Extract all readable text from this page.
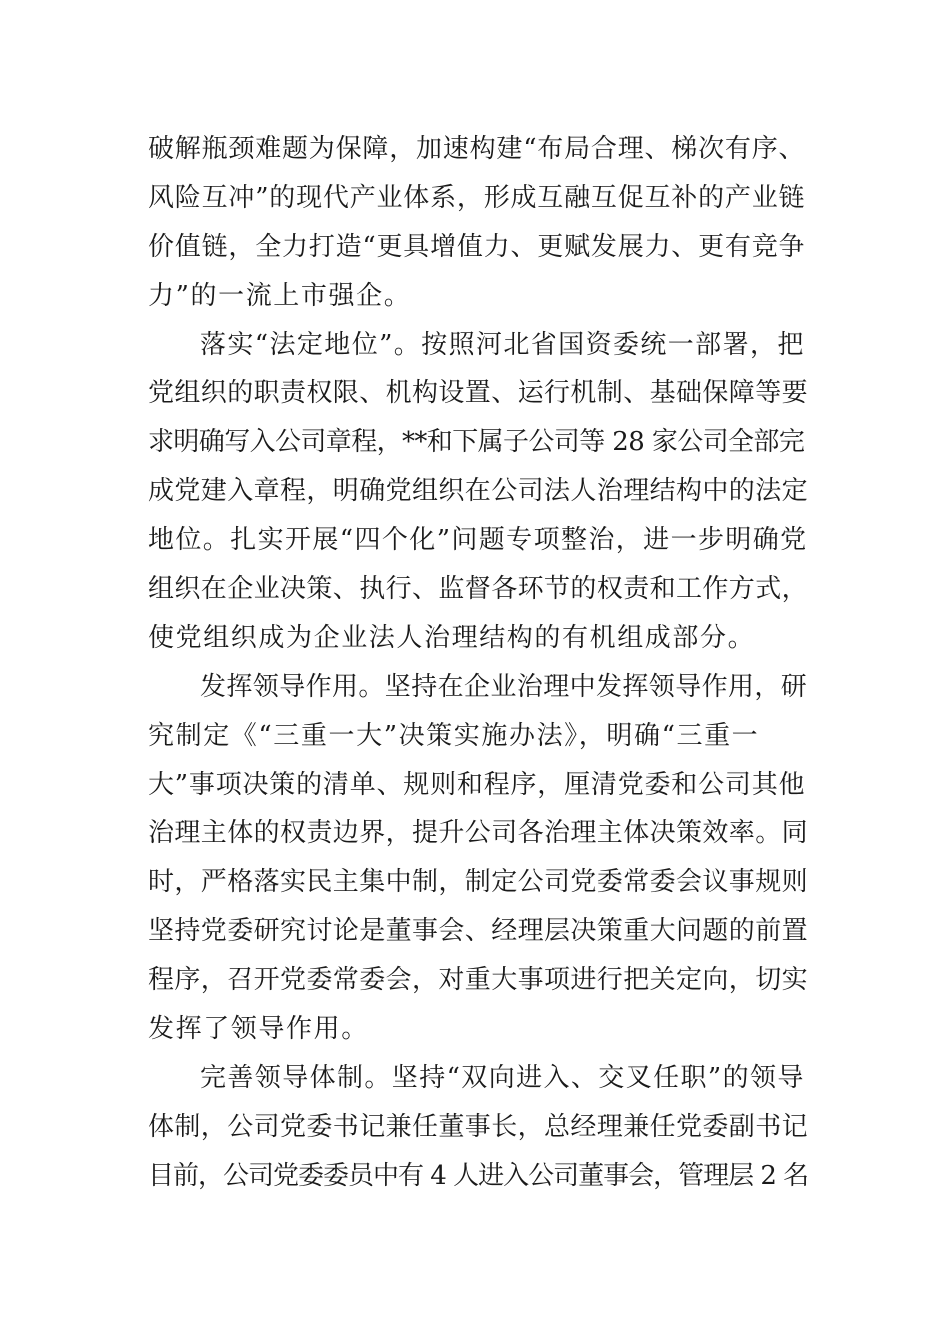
破解瓶颈难题为保障，加速构建“布局合理、梯次有序、
风险互冲”的现代产业体系，形成互融互促互补的产业链
价值链，全力打造“更具增值力、更赋发展力、更有竞争
力”的一流上市强企。
落实“法定地位”。按照河北省国资委统一部署，把
党组织的职责权限、机构设置、运行机制、基础保障等要
求明确写入公司章程，**和下属子公司等 28 家公司全部完
成党建入章程，明确党组织在公司法人治理结构中的法定
地位。扎实开展“四个化”问题专项整治，进一步明确党
组织在企业决策、执行、监督各环节的权责和工作方式，
使党组织成为企业法人治理结构的有机组成部分。
发挥领导作用。坚持在企业治理中发挥领导作用，研
究制定《“三重一大”决策实施办法》，明确“三重一
大”事项决策的清单、规则和程序，厘清党委和公司其他
治理主体的权责边界，提升公司各治理主体决策效率。同
时，严格落实民主集中制，制定公司党委常委会议事规则
坚持党委研究讨论是董事会、经理层决策重大问题的前置
程序，召开党委常委会，对重大事项进行把关定向，切实
发挥了领导作用。
完善领导体制。坚持“双向进入、交叉任职”的领导
体制，公司党委书记兼任董事长，总经理兼任党委副书记
目前，公司党委委员中有 4 人进入公司董事会，管理层 2 名
